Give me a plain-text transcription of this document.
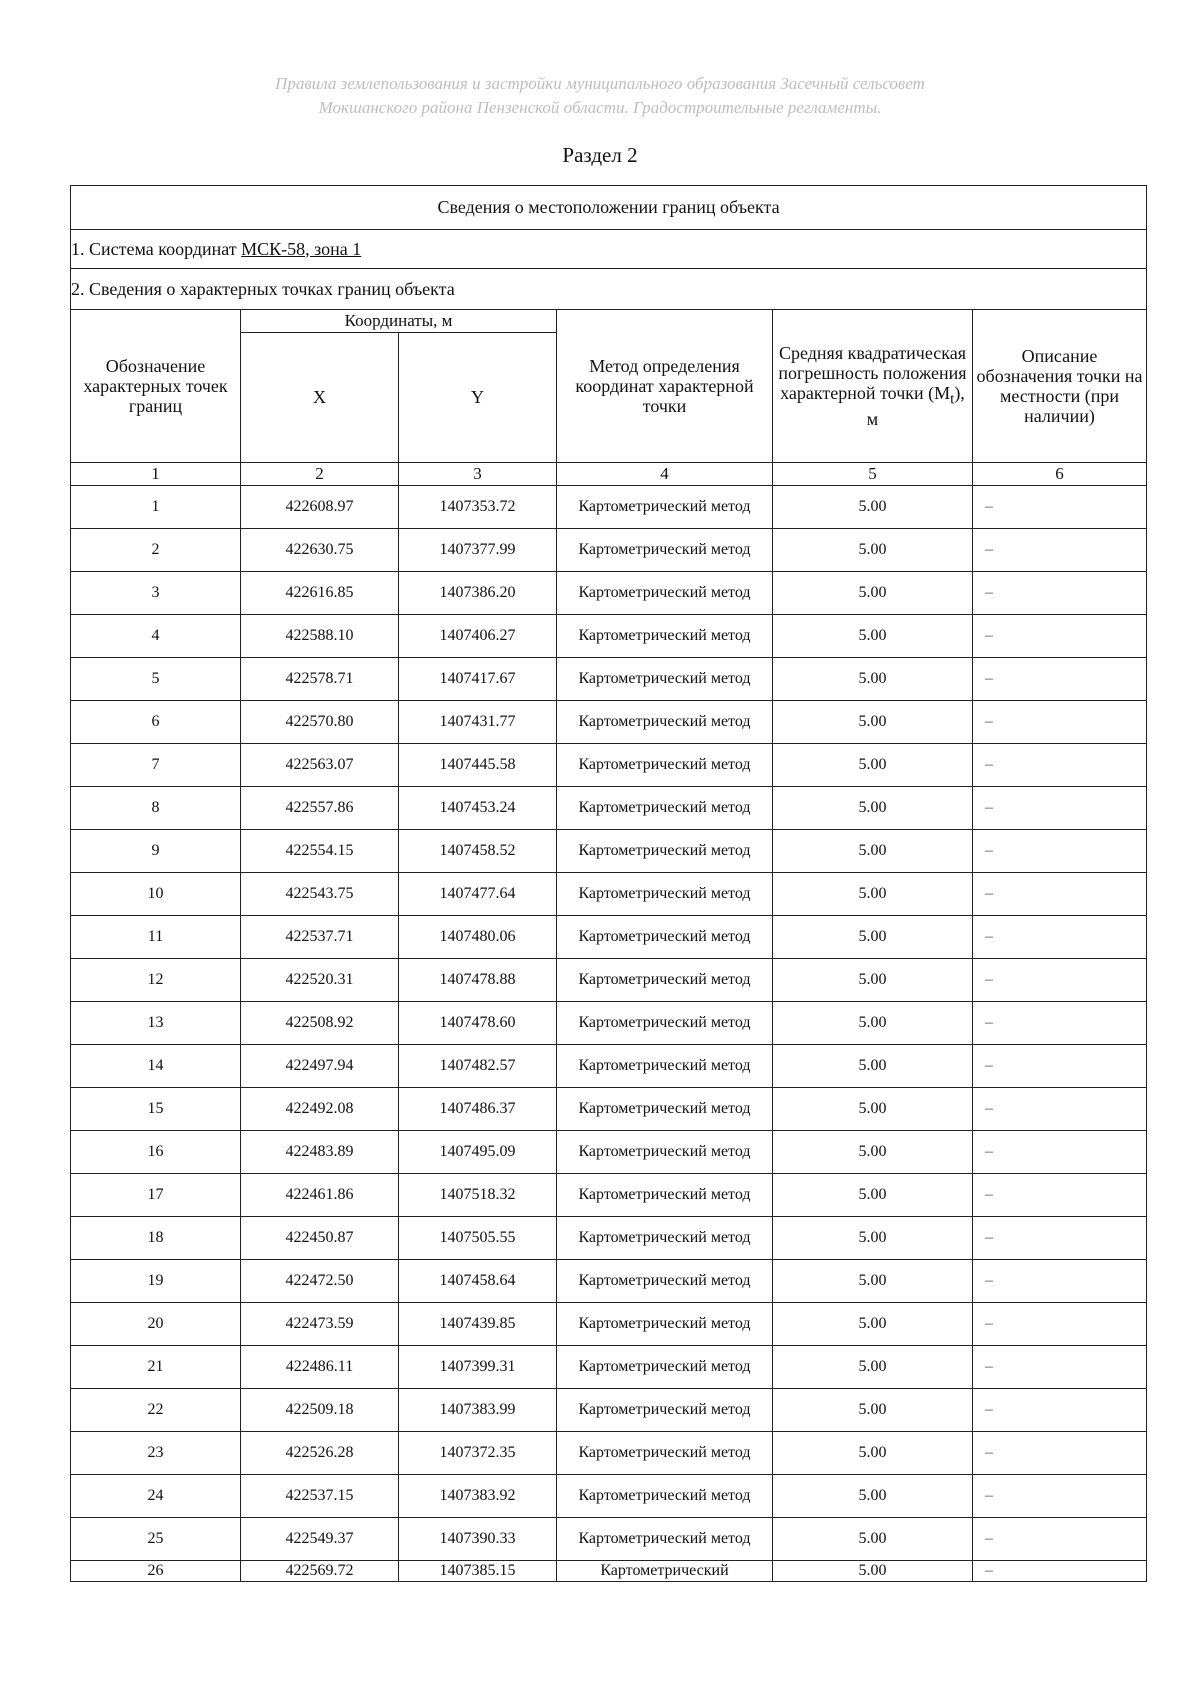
Правила землепользования и застройки муниципального образования Засечный сельсовет
Мокшанского района Пензенской области. Градостроительные регламенты.
Раздел 2
Сведения о местоположении границ объекта					
1. Система координат МСК-58, зона 1					
2. Сведения о характерных точках границ объекта					
Обозначение характерных точек границ	Координаты, м		Метод определения координат характерной точки	Средняя квадратическая погрешность положения характерной точки $(M_t)$, м	Описание обозначения точки на местности (при наличии)
	X	Y			
1	2	3	4	5	6
1	422608.97	1407353.72	Картометрический метод	5.00	–
2	422630.75	1407377.99	Картометрический метод	5.00	–
3	422616.85	1407386.20	Картометрический метод	5.00	–
4	422588.10	1407406.27	Картометрический метод	5.00	–
5	422578.71	1407417.67	Картометрический метод	5.00	–
6	422570.80	1407431.77	Картометрический метод	5.00	–
7	422563.07	1407445.58	Картометрический метод	5.00	–
8	422557.86	1407453.24	Картометрический метод	5.00	–
9	422554.15	1407458.52	Картометрический метод	5.00	–
10	422543.75	1407477.64	Картометрический метод	5.00	–
11	422537.71	1407480.06	Картометрический метод	5.00	–
12	422520.31	1407478.88	Картометрический метод	5.00	–
13	422508.92	1407478.60	Картометрический метод	5.00	–
14	422497.94	1407482.57	Картометрический метод	5.00	–
15	422492.08	1407486.37	Картометрический метод	5.00	–
16	422483.89	1407495.09	Картометрический метод	5.00	–
17	422461.86	1407518.32	Картометрический метод	5.00	–
18	422450.87	1407505.55	Картометрический метод	5.00	–
19	422472.50	1407458.64	Картометрический метод	5.00	–
20	422473.59	1407439.85	Картометрический метод	5.00	–
21	422486.11	1407399.31	Картометрический метод	5.00	–
22	422509.18	1407383.99	Картометрический метод	5.00	–
23	422526.28	1407372.35	Картометрический метод	5.00	–
24	422537.15	1407383.92	Картометрический метод	5.00	–
25	422549.37	1407390.33	Картометрический метод	5.00	–
26	422569.72	1407385.15	Картометрический	5.00	–
